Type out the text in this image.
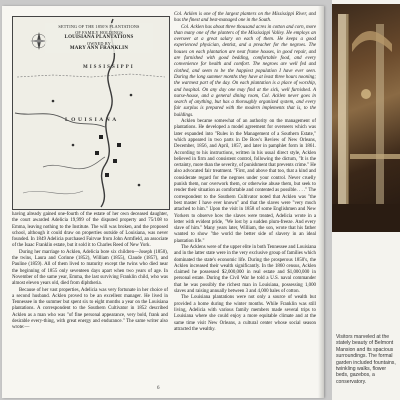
SETTING OF THE 1850'S PLANTATIONS
OF FAMILY HOLDINGS
LOUISIANA PLANTATIONS
OWNED BY
MARY ANN FRANKLIN
MISSISSIPPI
LOUISIANA

having already gained one-fourth of the estate of her own deceased daughter, the court awarded Adelicia 19,999 of the disputed property and 75/108 to Emma, leaving nothing to the Institute. The will was broken, and the proposed school, although it could draw on properties outside of Louisiana, was never founded. In 1849 Adelicia purchased Fairvue from John Armfield, an associate of the Isaac Franklin estate, but it sold it to Charles Reed of New York.

During her marriage to Acklen, Adelicia bore six children—Joseph (1850), the twins, Laura and Corinne (1852), William (1855), Claude (1857), and Pauline (1859). All of them lived to maturity except the twins who died near the beginning of 1855 only seventeen days apart when two years of age. In November of the same year, Emma, the last surviving Franklin child, who was almost eleven years old, died from diphtheria.

Because of her vast properties, Adelicia was very fortunate in her choice of a second husband. Acklen proved to be an excellent manager. He lived in Tennessee in the summer but spent six to eight months a year on the Louisiana plantations. A correspondent to the Southern Cultivator in 1852 described Acklen as a man who was "of fine personal appearance, very bold, frank and desirable every-thing, with great energy and endurance." The same writer also wrote:—

Col. Acklen is one of the largest planters on the Mississippi River, and has the finest and best-managed one in the South.

Col. Acklen has about three thousand acres in cotton and corn, more than many one of the planters of the Mississippi Valley. He employs an overseer at a great salary on each of them. He keeps a good experienced physician, dentist, and a preacher for the negroes. The houses on each plantation are neat frame houses, in good repair, and are furnished with good bedding, comfortable food, and every convenience for health and comfort. The negroes are well fed and clothed, and seem to be the happiest population I have ever seen. During the long summer months they have at least three hours nooning; the warmest part of the day. On each plantation is a place of worship, and hospital. On any day one may find at the sick, well furnished. A nurse-house, and a general dining room, Col. Acklen never goes in search of anything, but has a thoroughly organized system, and every fair surplus is prepared with the modern implements that is, to the buildings.

Acklen became somewhat of an authority on the management of plantations. He developed a model agreement for overseers which was later expanded into "Rules in the Management of a Southern Estate," which appeared in two parts in De Bow's Review of New Orleans, December, 1856, and April, 1857, and later in pamphlet form in 1861. According to his instructions, written in his usual direct style, Acklen believed in firm and consistent control, following the dictum, "It is the certainty, more than the severity, of punishment that prevents crime." He also advocated fair treatment. "First, and above that too, that a kind and considerate regard for the negroes under your control. Never cruelly punish them, nor overwork them, or otherwise abuse them, but seek to render their situation as comfortable and contented as possible. . . ." The correspondent to the Southern Cultivator noted that Acklen was "the best master I have ever known" and that the slaves were "very much attached to him." Upon the visit in 1858 of some Englishmen and New Yorkers to observe how the slaves were treated, Adelicia wrote in a letter with evident pride, "We lost by a sudden plum-freeze. And every slave of him." Many years later, William, the son, wrote that his father wanted to show "the world the better side of slavery in an ideal plantation life."

The Acklens were of the upper elite in both Tennessee and Louisiana and in the latter state were in the very exclusive group of families which dominated the state's economic life. During the prosperous 1850's, the Acklen increased their wealth significantly. In the 1860 census, Acklen claimed he possessed $2,000,000 in real estate and $1,000,000 in personal estate. During the Civil War he told a U.S. naval commander that he was possibly the richest man in Louisiana, possessing 1,000 slaves and raising annually between 3 and 4,000 bales of cotton.

The Louisiana plantations were not only a source of wealth but provided a home during the winter months. While Franklin was still living, Adelicia with various family members made several trips to Louisiana where she could enjoy a more equitable climate and at the same time visit New Orleans, a cultural center whose social season attracted the wealthy.

6
Visitors marveled at the stately beauty of Belmont Mansion and its spacious surroundings. The formal garden included fountains, twinkling walks, flower beds, gazebos, a conservatory.
